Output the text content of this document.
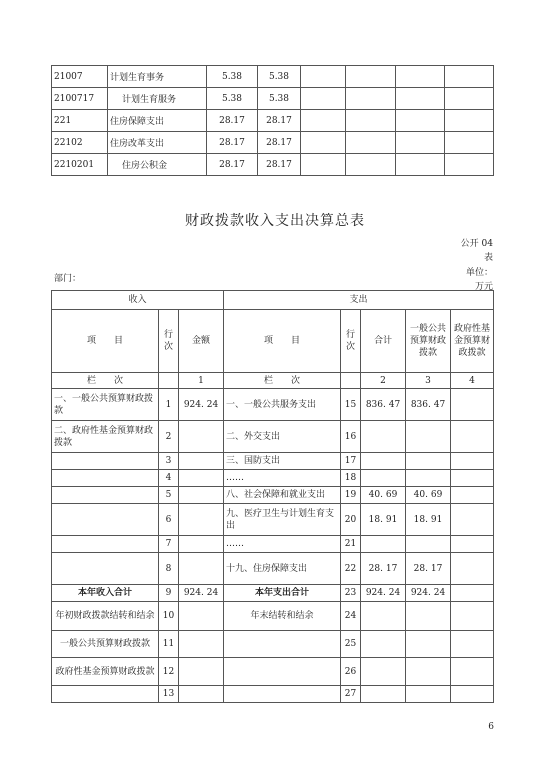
21007	计划生育事务	5.38	5.38				
2100717	计划生育服务	5.38	5.38				
221	住房保障支出	28.17	28.17				
22102	住房改革支出	28.17	28.17				
2210201	住房公积金	28.17	28.17				
财政拨款收入支出决算总表
公开 04
表
单位：
万元
部门：
收入			支出				
项　　目	行次	金额	项　　目	行次	合计	一般公共预算财政拨款	政府性基金预算财政拨款
栏　　次		1	栏　　次		2	3	4
一、一般公共预算财政拨款	1	924. 24	一、一般公共服务支出	15	836. 47	836. 47	
二、政府性基金预算财政拨款	2		二、外交支出	16			
	3		三、国防支出	17			
	4		……	18			
	5		八、社会保障和就业支出	19	40. 69	40. 69	
	6		九、医疗卫生与计划生育支出	20	18. 91	18. 91	
	7		……	21			
	8		十九、住房保障支出	22	28. 17	28. 17	
本年收入合计	9	924. 24	本年支出合计	23	924. 24	924. 24	
年初财政拨款结转和结余	10		年末结转和结余	24			
一般公共预算财政拨款	11			25			
政府性基金预算财政拨款	12			26			
	13			27			
6
